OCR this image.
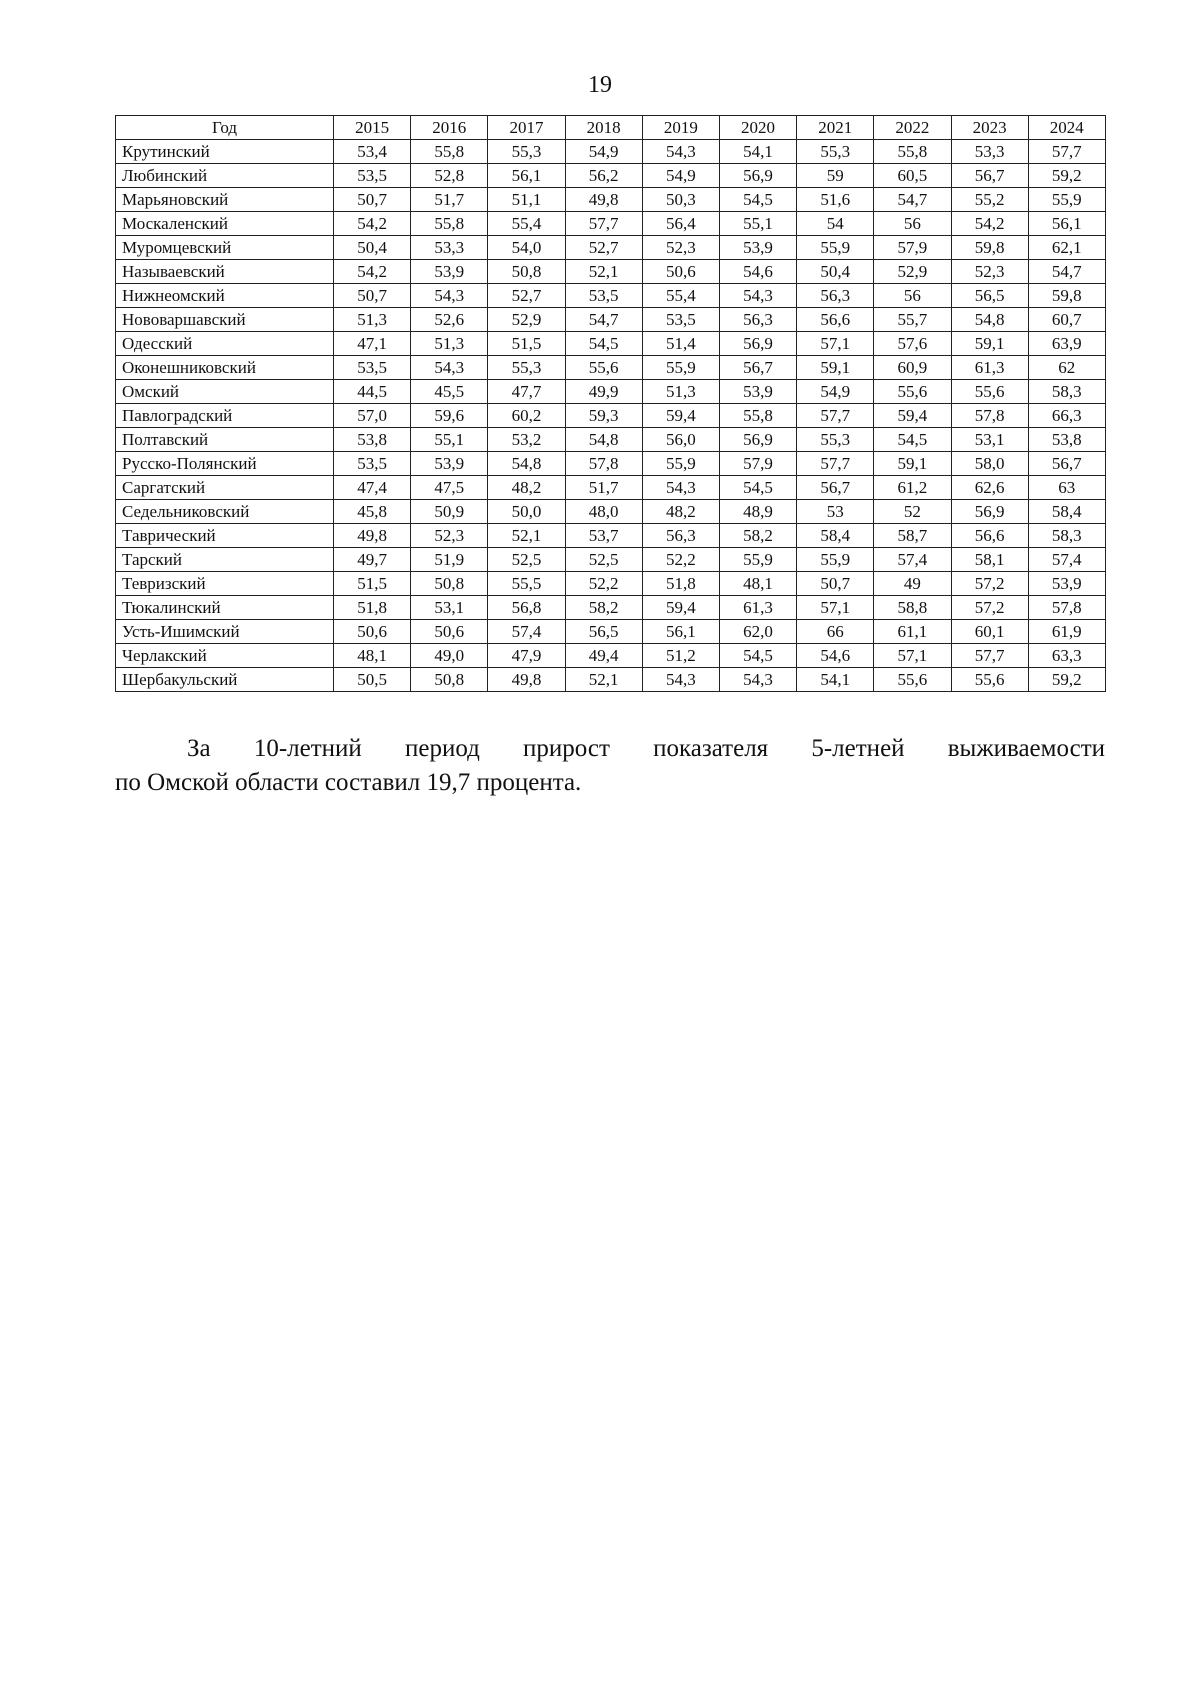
19
Год	2015	2016	2017	2018	2019	2020	2021	2022	2023	2024
Крутинский	53,4	55,8	55,3	54,9	54,3	54,1	55,3	55,8	53,3	57,7
Любинский	53,5	52,8	56,1	56,2	54,9	56,9	59	60,5	56,7	59,2
Марьяновский	50,7	51,7	51,1	49,8	50,3	54,5	51,6	54,7	55,2	55,9
Москаленский	54,2	55,8	55,4	57,7	56,4	55,1	54	56	54,2	56,1
Муромцевский	50,4	53,3	54,0	52,7	52,3	53,9	55,9	57,9	59,8	62,1
Называевский	54,2	53,9	50,8	52,1	50,6	54,6	50,4	52,9	52,3	54,7
Нижнеомский	50,7	54,3	52,7	53,5	55,4	54,3	56,3	56	56,5	59,8
Нововаршавский	51,3	52,6	52,9	54,7	53,5	56,3	56,6	55,7	54,8	60,7
Одесский	47,1	51,3	51,5	54,5	51,4	56,9	57,1	57,6	59,1	63,9
Оконешниковский	53,5	54,3	55,3	55,6	55,9	56,7	59,1	60,9	61,3	62
Омский	44,5	45,5	47,7	49,9	51,3	53,9	54,9	55,6	55,6	58,3
Павлоградский	57,0	59,6	60,2	59,3	59,4	55,8	57,7	59,4	57,8	66,3
Полтавский	53,8	55,1	53,2	54,8	56,0	56,9	55,3	54,5	53,1	53,8
Русско-Полянский	53,5	53,9	54,8	57,8	55,9	57,9	57,7	59,1	58,0	56,7
Саргатский	47,4	47,5	48,2	51,7	54,3	54,5	56,7	61,2	62,6	63
Седельниковский	45,8	50,9	50,0	48,0	48,2	48,9	53	52	56,9	58,4
Таврический	49,8	52,3	52,1	53,7	56,3	58,2	58,4	58,7	56,6	58,3
Тарский	49,7	51,9	52,5	52,5	52,2	55,9	55,9	57,4	58,1	57,4
Тевризский	51,5	50,8	55,5	52,2	51,8	48,1	50,7	49	57,2	53,9
Тюкалинский	51,8	53,1	56,8	58,2	59,4	61,3	57,1	58,8	57,2	57,8
Усть-Ишимский	50,6	50,6	57,4	56,5	56,1	62,0	66	61,1	60,1	61,9
Черлакский	48,1	49,0	47,9	49,4	51,2	54,5	54,6	57,1	57,7	63,3
Шербакульский	50,5	50,8	49,8	52,1	54,3	54,3	54,1	55,6	55,6	59,2
За 10-летний период прирост показателя 5-летней выживаемости
по Омской области составил 19,7 процента.
